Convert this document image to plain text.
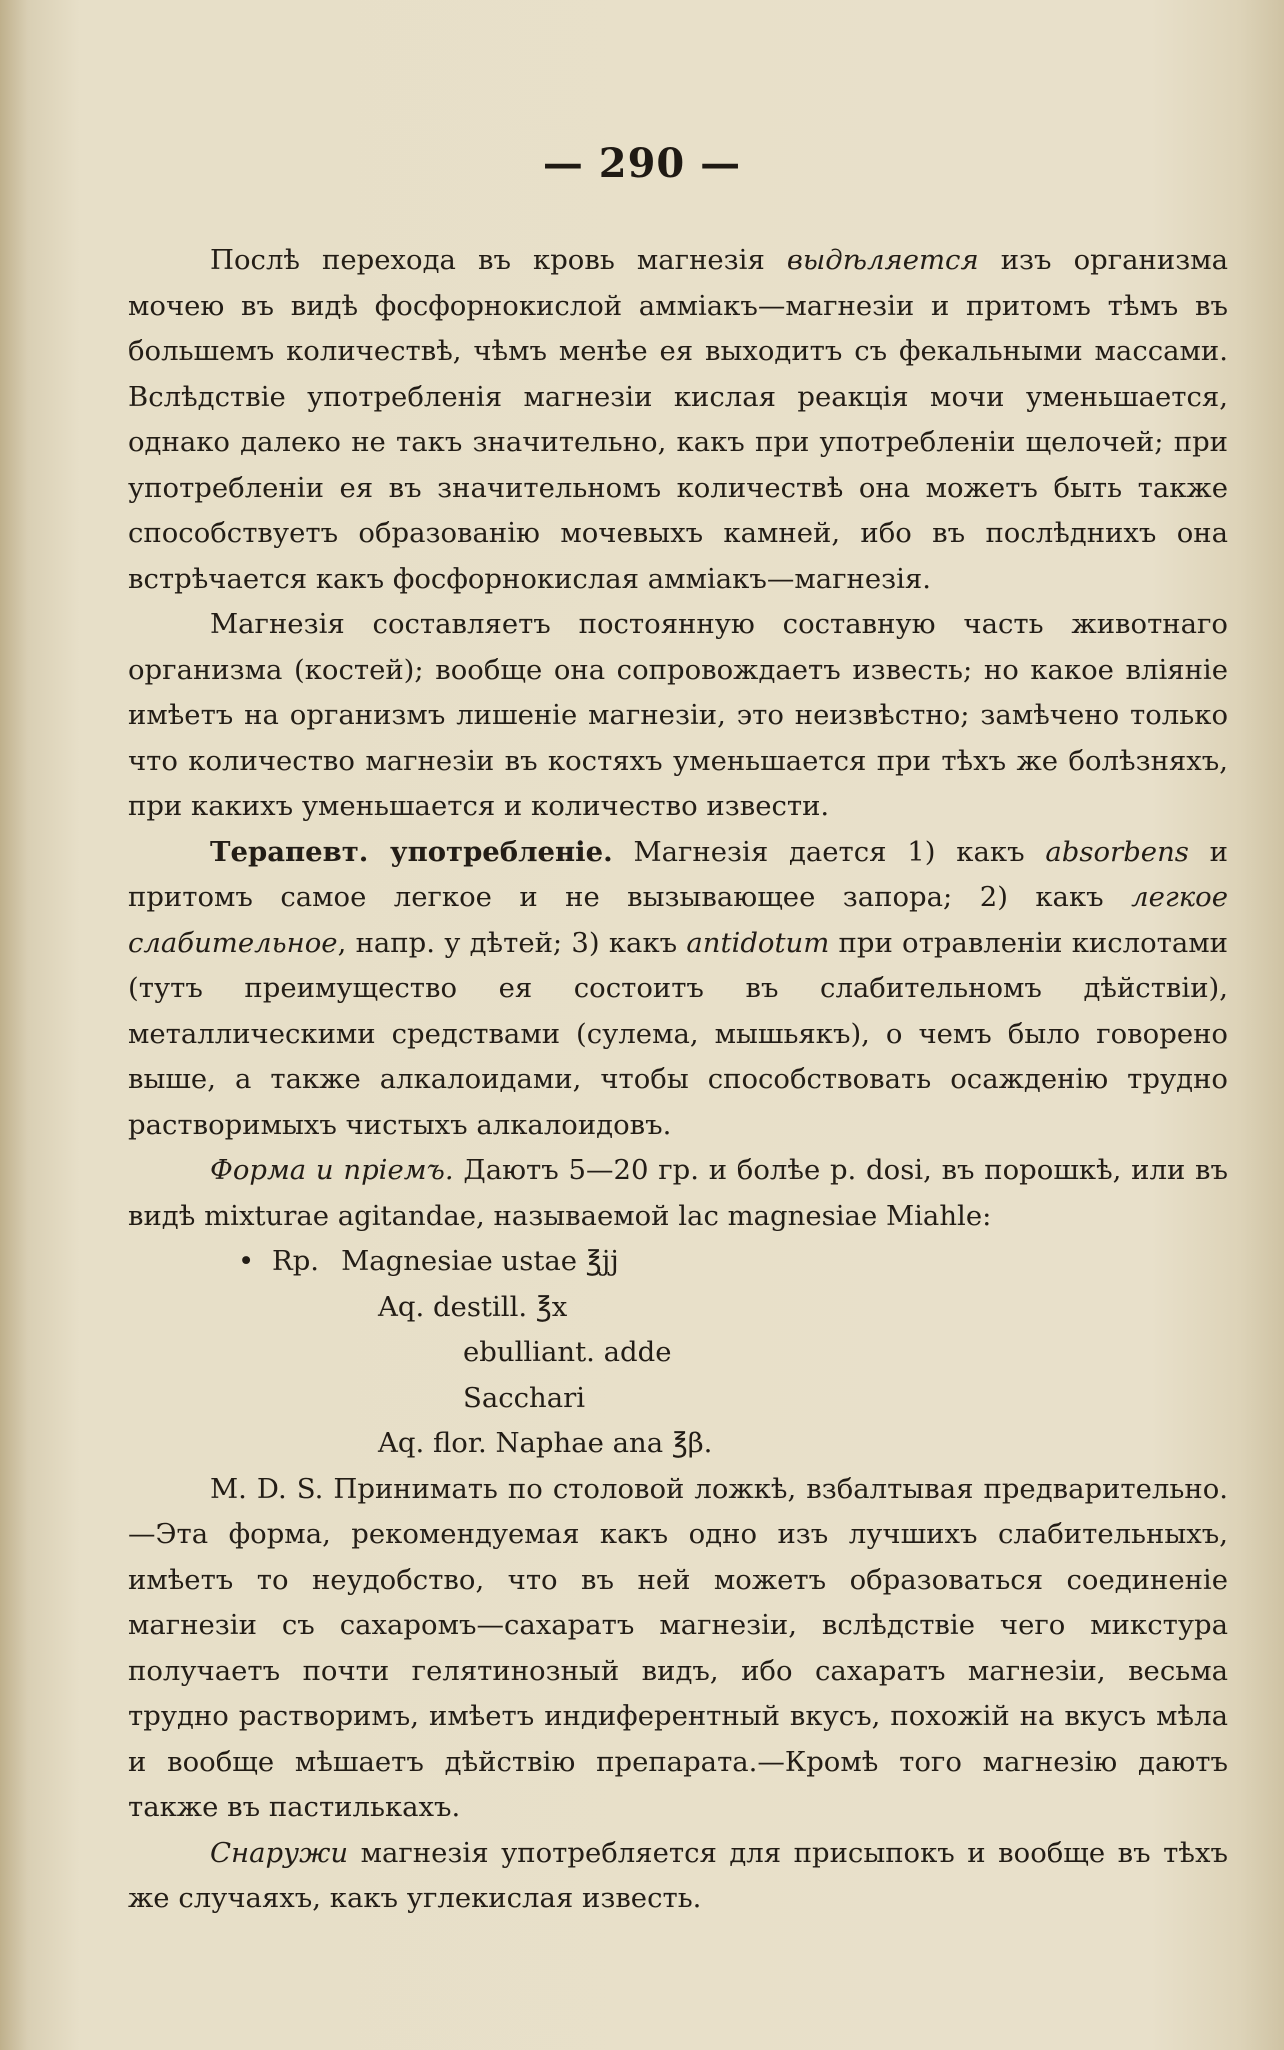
— 290 —

Послѣ перехода въ кровь магнезія выдѣляется изъ организма мочею въ видѣ фосфорнокислой амміакъ—магнезіи и притомъ тѣмъ въ большемъ количествѣ, чѣмъ менѣе ея выходитъ съ фекальными массами. Вслѣдствіе употребленія магнезіи кислая реакція мочи уменьшается, однако далеко не такъ значительно, какъ при употребленіи щелочей; при употребленіи ея въ значительномъ количествѣ она можетъ быть также способствуетъ образованію мочевыхъ камней, ибо въ послѣднихъ она встрѣчается какъ фосфорнокислая амміакъ—магнезія.

Магнезія составляетъ постоянную составную часть животнаго организма (костей); вообще она сопровождаетъ известь; но какое вліяніе имѣетъ на организмъ лишеніе магнезіи, это неизвѣстно; замѣчено только что количество магнезіи въ костяхъ уменьшается при тѣхъ же болѣзняхъ, при какихъ уменьшается и количество извести.

Терапевт. употребленіе. Магнезія дается 1) какъ absorbens и притомъ самое легкое и не вызывающее запора; 2) какъ легкое слабительное, напр. у дѣтей; 3) какъ antidotum при отравленіи кислотами (тутъ преимущество ея состоитъ въ слабительномъ дѣйствіи), металлическими средствами (сулема, мышьякъ), о чемъ было говорено выше, а также алкалоидами, чтобы способствовать осажденію трудно растворимыхъ чистыхъ алкалоидовъ.

Форма и пріемъ. Даютъ 5—20 гр. и болѣе p. dosi, въ порошкѣ, или въ видѣ mixturae agitandae, называемой lac magnesiae Miahle:

• Rp. Magnesiae ustae ℥jj
Aq. destill. ℥x
ebulliant. adde
Sacchari
Aq. flor. Naphae ana ℥β.

M. D. S. Принимать по столовой ложкѣ, взбалтывая предварительно.—Эта форма, рекомендуемая какъ одно изъ лучшихъ слабительныхъ, имѣетъ то неудобство, что въ ней можетъ образоваться соединеніе магнезіи съ сахаромъ—сахаратъ магнезіи, вслѣдствіе чего микстура получаетъ почти гелятинозный видъ, ибо сахаратъ магнезіи, весьма трудно растворимъ, имѣетъ индиферентный вкусъ, похожій на вкусъ мѣла и вообще мѣшаетъ дѣйствію препарата.—Кромѣ того магнезію даютъ также въ пастилькахъ.

Снаружи магнезія употребляется для присыпокъ и вообще въ тѣхъ же случаяхъ, какъ углекислая известь.
